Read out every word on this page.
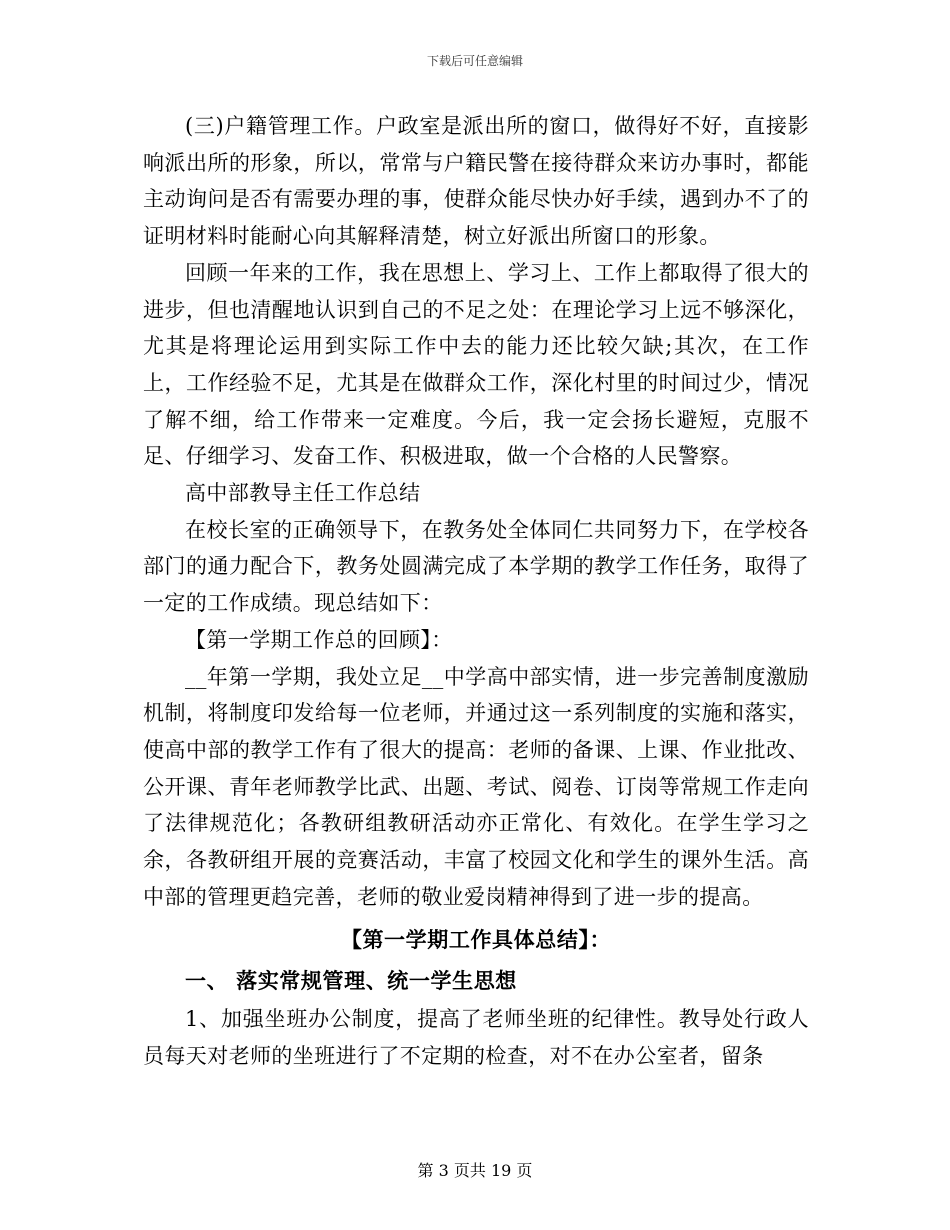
下载后可任意编辑

(三)户籍管理工作。户政室是派出所的窗口，做得好不好，直接影响派出所的形象，所以，常常与户籍民警在接待群众来访办事时，都能主动询问是否有需要办理的事，使群众能尽快办好手续，遇到办不了的证明材料时能耐心向其解释清楚，树立好派出所窗口的形象。

回顾一年来的工作，我在思想上、学习上、工作上都取得了很大的进步，但也清醒地认识到自己的不足之处：在理论学习上远不够深化，尤其是将理论运用到实际工作中去的能力还比较欠缺;其次，在工作上，工作经验不足，尤其是在做群众工作，深化村里的时间过少，情况了解不细，给工作带来一定难度。今后，我一定会扬长避短，克服不足、仔细学习、发奋工作、积极进取，做一个合格的人民警察。

高中部教导主任工作总结

在校长室的正确领导下，在教务处全体同仁共同努力下，在学校各部门的通力配合下，教务处圆满完成了本学期的教学工作任务，取得了一定的工作成绩。现总结如下：

【第一学期工作总的回顾】：

__年第一学期，我处立足__中学高中部实情，进一步完善制度激励机制，将制度印发给每一位老师，并通过这一系列制度的实施和落实，使高中部的教学工作有了很大的提高：老师的备课、上课、作业批改、公开课、青年老师教学比武、出题、考试、阅卷、订岗等常规工作走向了法律规范化；各教研组教研活动亦正常化、有效化。在学生学习之余，各教研组开展的竞赛活动，丰富了校园文化和学生的课外生活。高中部的管理更趋完善，老师的敬业爱岗精神得到了进一步的提高。

【第一学期工作具体总结】：

一、 落实常规管理、统一学生思想

1、加强坐班办公制度，提高了老师坐班的纪律性。教导处行政人员每天对老师的坐班进行了不定期的检查，对不在办公室者，留条

第 3 页共 19 页
